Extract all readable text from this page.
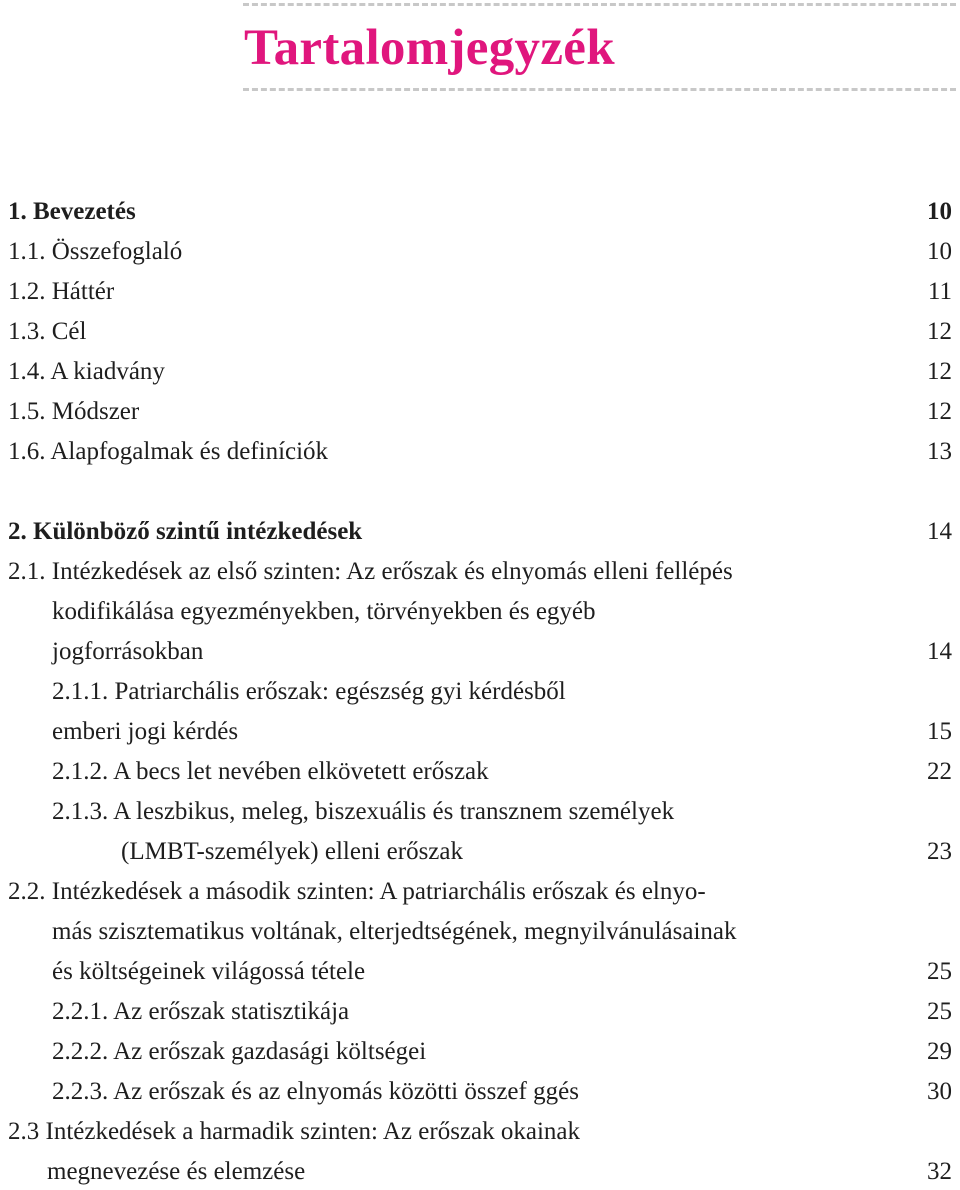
Tartalomjegyzék
1. Bevezetés	10
1.1. Összefoglaló	10
1.2. Háttér	11
1.3. Cél	12
1.4. A kiadvány	12
1.5. Módszer	12
1.6. Alapfogalmak és definíciók	13
2. Különböző szintű intézkedések	14
2.1. Intézkedések az első szinten: Az erőszak és elnyomás elleni fellépés
kodifikálása egyezményekben, törvényekben és egyéb
jogforrásokban	14
2.1.1. Patriarchális erőszak: egészség gyi kérdésből
emberi jogi kérdés	15
2.1.2. A becs let nevében elkövetett erőszak	22
2.1.3. A leszbikus, meleg, biszexuális és transznem személyek
(LMBT-személyek) elleni erőszak	23
2.2. Intézkedések a második szinten: A patriarchális erőszak és elnyo-
más szisztematikus voltának, elterjedtségének, megnyilvánulásainak
és költségeinek világossá tétele	25
2.2.1. Az erőszak statisztikája	25
2.2.2. Az erőszak gazdasági költségei	29
2.2.3. Az erőszak és az elnyomás közötti összef ggés	30
2.3 Intézkedések a harmadik szinten: Az erőszak okainak
megnevezése és elemzése	32
